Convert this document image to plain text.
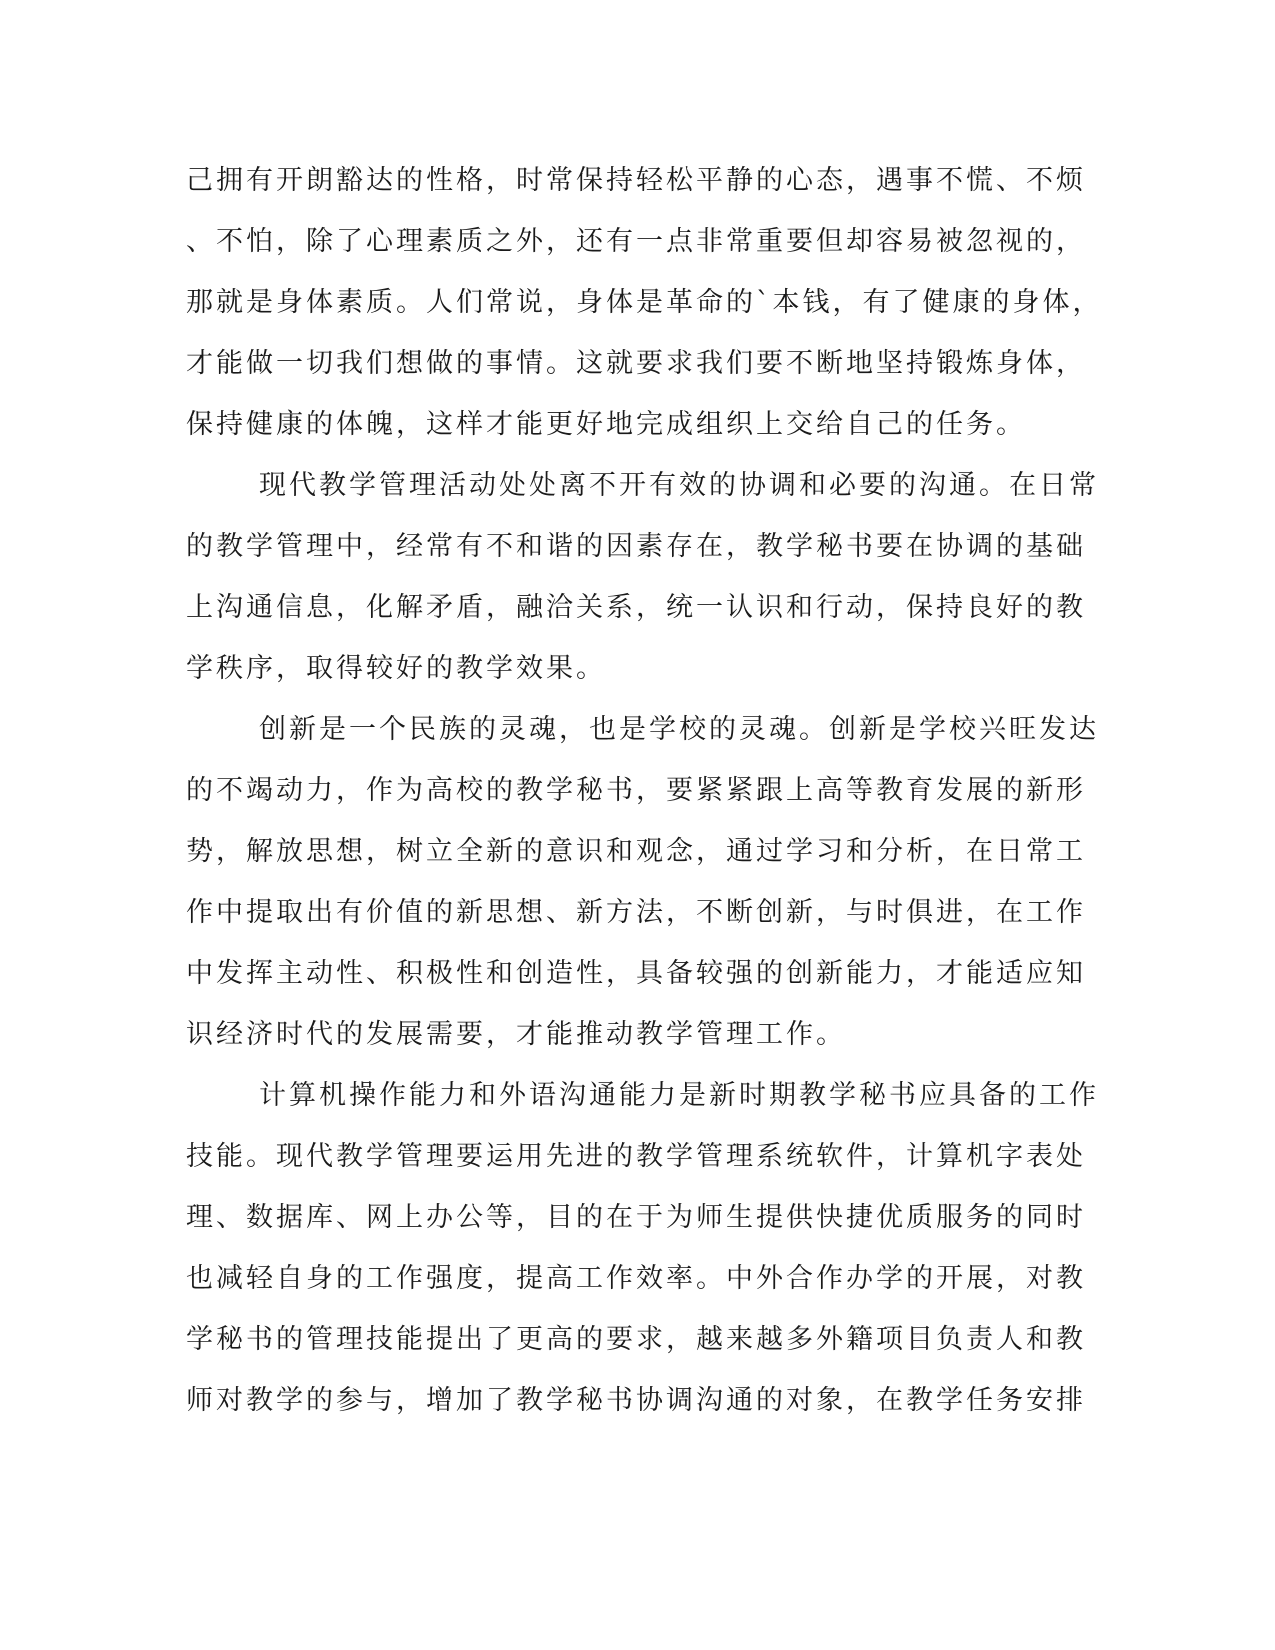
己拥有开朗豁达的性格，时常保持轻松平静的心态，遇事不慌、不烦
、不怕，除了心理素质之外，还有一点非常重要但却容易被忽视的，
那就是身体素质。人们常说，身体是革命的`本钱，有了健康的身体，
才能做一切我们想做的事情。这就要求我们要不断地坚持锻炼身体，
保持健康的体魄，这样才能更好地完成组织上交给自己的任务。
现代教学管理活动处处离不开有效的协调和必要的沟通。在日常
的教学管理中，经常有不和谐的因素存在，教学秘书要在协调的基础
上沟通信息，化解矛盾，融洽关系，统一认识和行动，保持良好的教
学秩序，取得较好的教学效果。
创新是一个民族的灵魂，也是学校的灵魂。创新是学校兴旺发达
的不竭动力，作为高校的教学秘书，要紧紧跟上高等教育发展的新形
势，解放思想，树立全新的意识和观念，通过学习和分析，在日常工
作中提取出有价值的新思想、新方法，不断创新，与时俱进，在工作
中发挥主动性、积极性和创造性，具备较强的创新能力，才能适应知
识经济时代的发展需要，才能推动教学管理工作。
计算机操作能力和外语沟通能力是新时期教学秘书应具备的工作
技能。现代教学管理要运用先进的教学管理系统软件，计算机字表处
理、数据库、网上办公等，目的在于为师生提供快捷优质服务的同时
也减轻自身的工作强度，提高工作效率。中外合作办学的开展，对教
学秘书的管理技能提出了更高的要求，越来越多外籍项目负责人和教
师对教学的参与，增加了教学秘书协调沟通的对象，在教学任务安排
